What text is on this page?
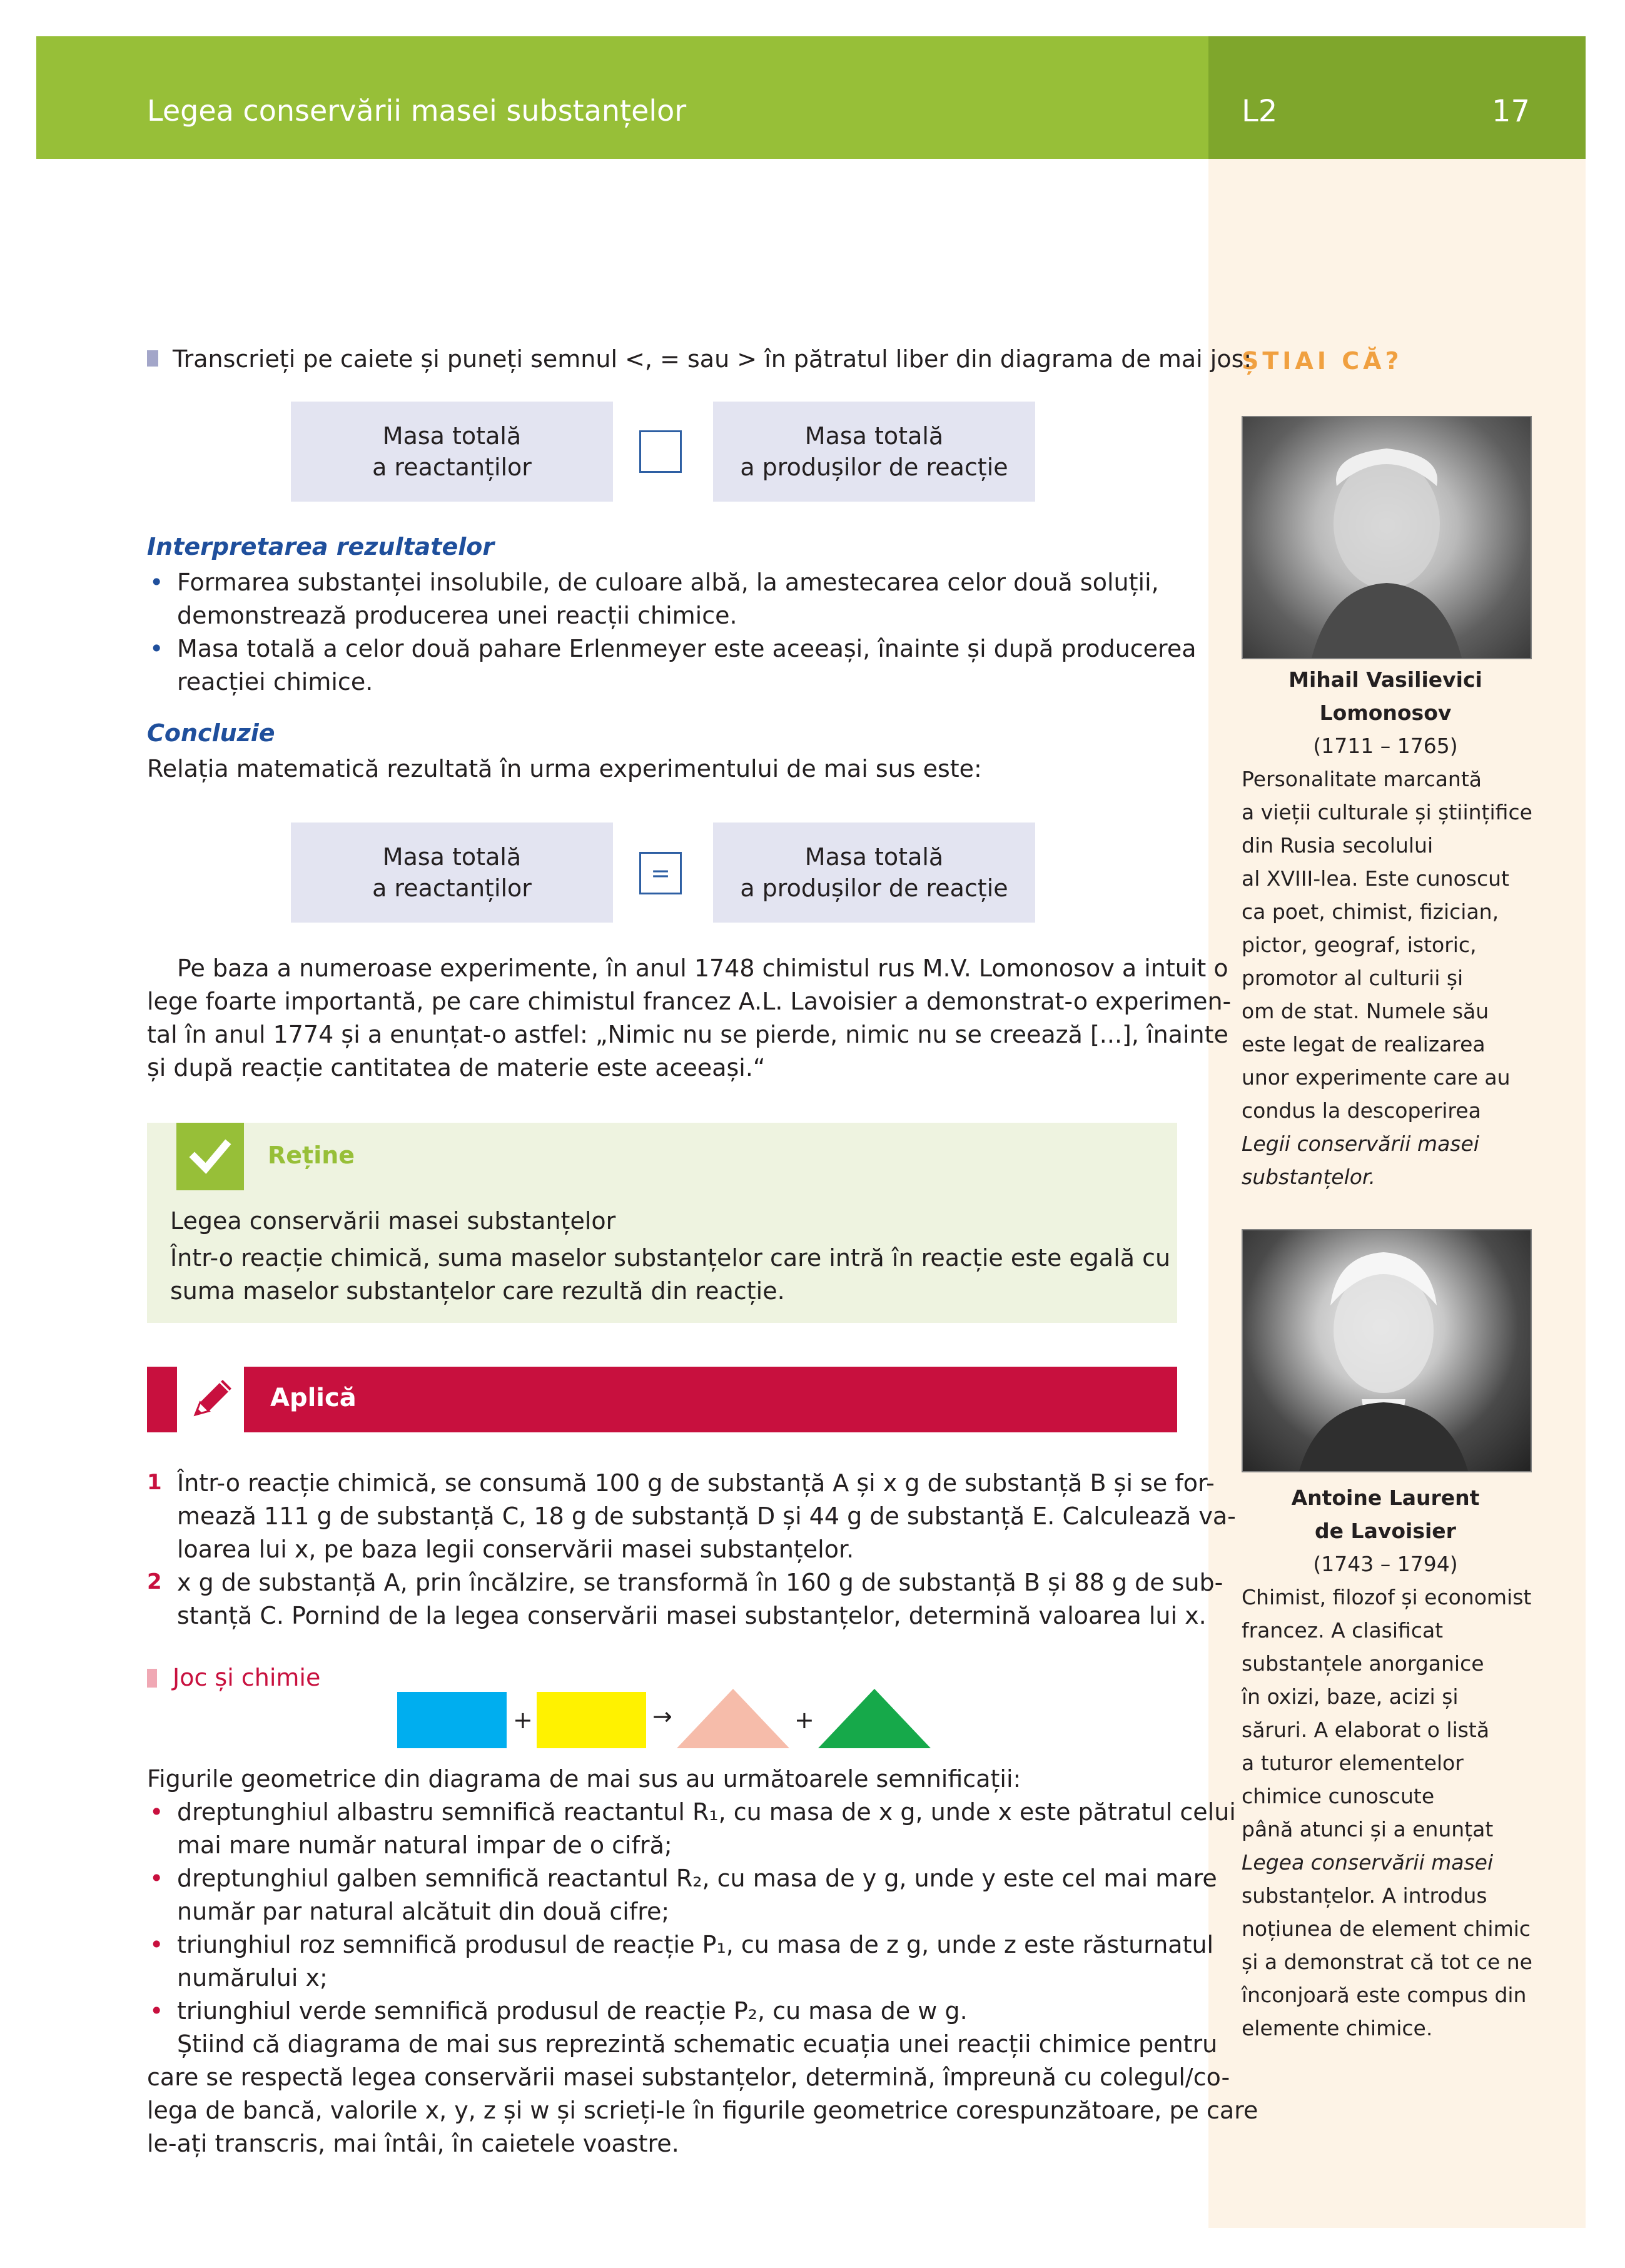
Legea conservării masei substanțelor	L2	17
ȘTIAI CĂ?
Mihail Vasilievici
Lomonosov
(1711 – 1765)

Personalitate marcantă

a vieții culturale și științifice

din Rusia secolului

al XVIII-lea. Este cunoscut

ca poet, chimist, fizician,

pictor, geograf, istoric,

promotor al culturii și

om de stat. Numele său

este legat de realizarea

unor experimente care au

condus la descoperirea

Legii conservării masei

substanțelor.

Antoine Laurent
de Lavoisier
(1743 – 1794)

Chimist, filozof și economist

francez. A clasificat

substanțele anorganice

în oxizi, baze, acizi și

săruri. A elaborat o listă

a tuturor elementelor

chimice cunoscute

până atunci și a enunțat

Legea conservării masei

substanțelor. A introdus

noțiunea de element chimic

și a demonstrat că tot ce ne

înconjoară este compus din

elemente chimice.

Transcrieți pe caiete și puneți semnul <, = sau > în pătratul liber din diagrama de mai jos:
Masa totală
a reactanților
Masa totală
a produșilor de reacție
Interpretarea rezultatelor

• Formarea substanței insolubile, de culoare albă, la amestecarea celor două soluții,

demonstrează producerea unei reacții chimice.

• Masa totală a celor două pahare Erlenmeyer este aceeași, înainte și după producerea

reacției chimice.

Concluzie
Relația matematică rezultată în urma experimentului de mai sus este:
Masa totală
a reactanților
=
Masa totală
a produșilor de reacție

Pe baza a numeroase experimente, în anul 1748 chimistul rus M.V. Lomonosov a intuit o

lege foarte importantă, pe care chimistul francez A.L. Lavoisier a demonstrat-o experimen-

tal în anul 1774 și a enunțat-o astfel: „Nimic nu se pierde, nimic nu se creează [...], înainte

și după reacție cantitatea de materie este aceeași.“

Reține
Legea conservării masei substanțelor

Într-o reacție chimică, suma maselor substanțelor care intră în reacție este egală cu

suma maselor substanțelor care rezultă din reacție.

Aplică
1 Într-o reacție chimică, se consumă 100 g de substanță A și x g de substanță B și se for-

mează 111 g de substanță C, 18 g de substanță D și 44 g de substanță E. Calculează va-

loarea lui x, pe baza legii conservării masei substanțelor.

2 x g de substanță A, prin încălzire, se transformă în 160 g de substanță B și 88 g de sub-

stanță C. Pornind de la legea conservării masei substanțelor, determină valoarea lui x.

Joc și chimie
+	→	+
Figurile geometrice din diagrama de mai sus au următoarele semnificații:

• dreptunghiul albastru semnifică reactantul R₁, cu masa de x g, unde x este pătratul celui

mai mare număr natural impar de o cifră;

• dreptunghiul galben semnifică reactantul R₂, cu masa de y g, unde y este cel mai mare

număr par natural alcătuit din două cifre;

• triunghiul roz semnifică produsul de reacție P₁, cu masa de z g, unde z este răsturnatul

numărului x;

• triunghiul verde semnifică produsul de reacție P₂, cu masa de w g.

Știind că diagrama de mai sus reprezintă schematic ecuația unei reacții chimice pentru

care se respectă legea conservării masei substanțelor, determină, împreună cu colegul/co-

lega de bancă, valorile x, y, z și w și scrieți-le în figurile geometrice corespunzătoare, pe care

le-ați transcris, mai întâi, în caietele voastre.
